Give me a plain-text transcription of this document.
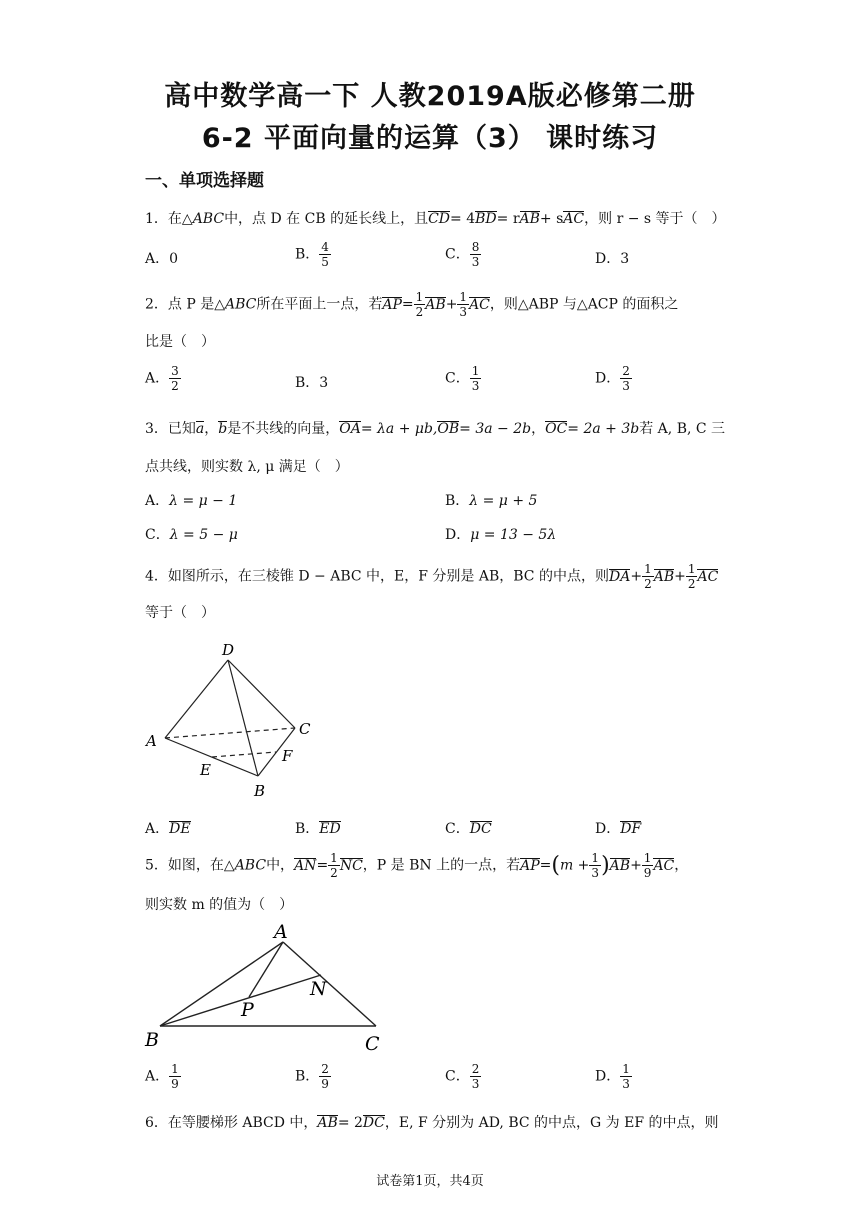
高中数学高一下 人教2019A版必修第二册
6-2 平面向量的运算（3） 课时练习
一、单项选择题
1．在△ABC中，点 D 在 CB 的延长线上，且CD= 4BD= rAB+ sAC，则 r − s 等于（　）
A．0	B． $\frac{4}{5}$	C． $\frac{8}{3}$	D．3
2．点 P 是△ABC所在平面上一点，若$AP= \frac{1}{2} AB+ \frac{1}{3}$ AC，则△ABP 与△ACP 的面积之
比是（　）
A． $\frac{3}{2}$	B．3	C． $\frac{1}{3}$	D． $\frac{2}{3}$
3．已知a，b是不共线的向量，OA= λa + μb,OB= 3a − 2b，OC= 2a + 3b若 A, B, C 三
点共线，则实数 λ, μ 满足（　）
A．λ = μ − 1	B．λ = μ + 5
C．λ = 5 − μ	D．μ = 13 − 5λ
4．如图所示，在三棱锥 D − ABC 中，E，F 分别是 AB，BC 的中点，则$DA+ \frac{1}{2} AB+ \frac{1}{2}$ AC
等于（　）
D
A
C
E
F
B
A．DE	B．ED	C．DC	D．DF
5．如图，在△ABC中，$AN= \frac{1}{2}$ NC，P 是 BN 上的一点，若$AP=(m + \frac{1}{3} )AB+ \frac{1}{9}$ AC，
则实数 m 的值为（　）
A
N
P
B	C
A． $\frac{1}{9}$	B． $\frac{2}{9}$	C． $\frac{2}{3}$	D． $\frac{1}{3}$
6．在等腰梯形 ABCD 中，AB= 2DC，E, F 分别为 AD, BC 的中点，G 为 EF 的中点，则
试卷第1页，共4页
